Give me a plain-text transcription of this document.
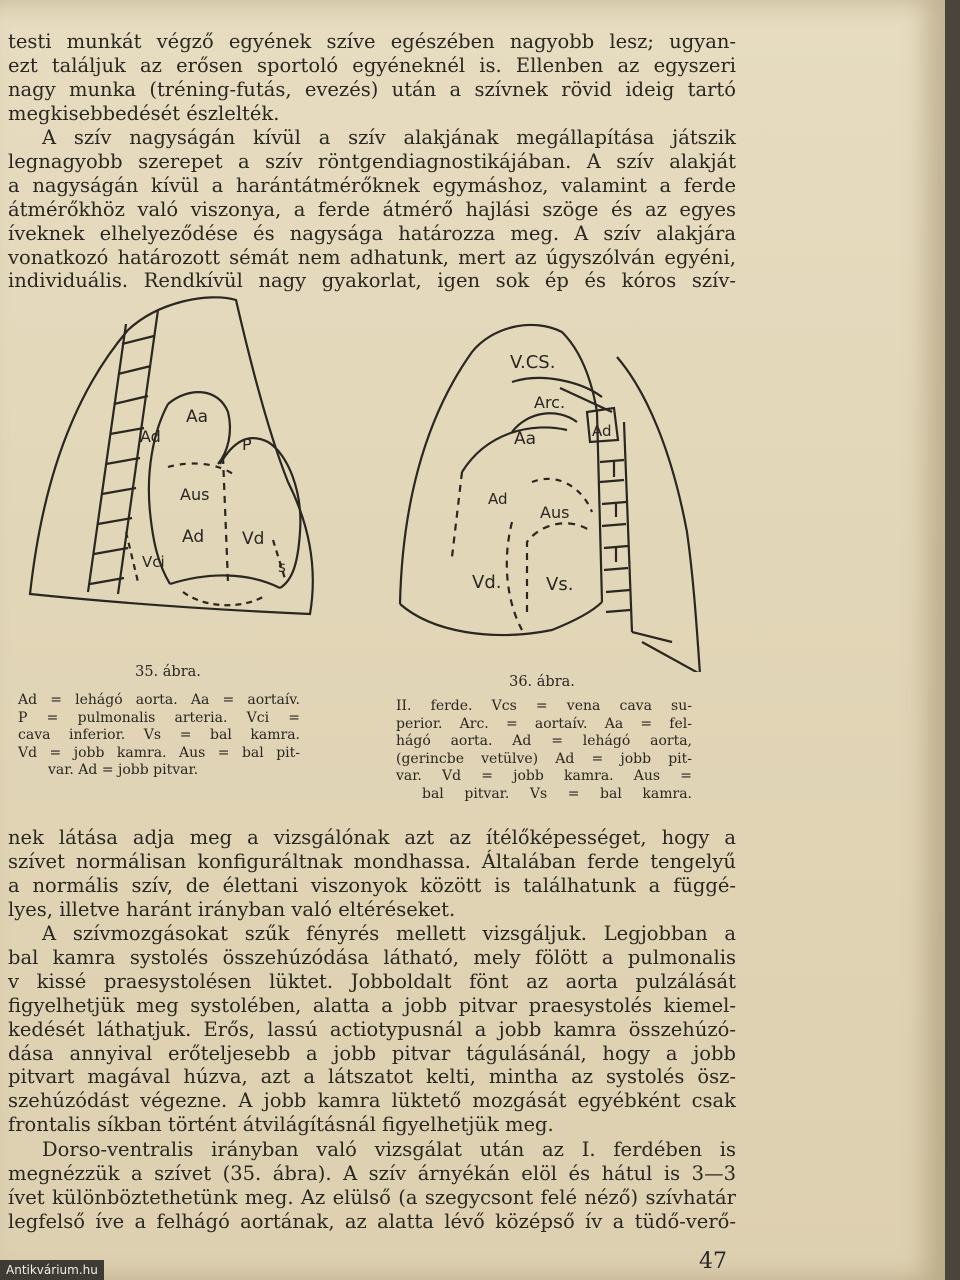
testi munkát végző egyének szíve egészében nagyobb lesz; ugyan-
ezt találjuk az erősen sportoló egyéneknél is. Ellenben az egyszeri
nagy munka (tréning-futás, evezés) után a szívnek rövid ideig tartó
megkisebbedését észlelték.
A szív nagyságán kívül a szív alakjának megállapítása játszik
legnagyobb szerepet a szív röntgendiagnostikájában. A szív alakját
a nagyságán kívül a harántátmérőknek egymáshoz, valamint a ferde
átmérőkhöz való viszonya, a ferde átmérő hajlási szöge és az egyes
íveknek elhelyeződése és nagysága határozza meg. A szív alakjára
vonatkozó határozott sémát nem adhatunk, mert az úgyszólván egyéni,
individuális. Rendkívül nagy gyakorlat, igen sok ép és kóros szív-
Aa
Ad	P
Aus
Ad Vd
Vci	s
35. ábra.
Ad = lehágó aorta. Aa = aortaív.
P = pulmonalis arteria. Vci =
cava inferior. Vs = bal kamra.
Vd = jobb kamra. Aus = bal pit-
var. Ad = jobb pitvar.
V.CS.
Arc.
Ad
Aa
Ad
Aus
Vd. Vs.
36. ábra.
II. ferde. Vcs = vena cava su-
perior. Arc. = aortaív. Aa = fel-
hágó aorta. Ad = lehágó aorta,
(gerincbe vetülve) Ad = jobb pit-
var. Vd = jobb kamra. Aus =
bal pitvar. Vs = bal kamra.
nek látása adja meg a vizsgálónak azt az ítélőképességet, hogy a
szívet normálisan konfiguráltnak mondhassa. Általában ferde tengelyű
a normális szív, de élettani viszonyok között is találhatunk a függé-
lyes, illetve haránt irányban való eltéréseket.
A szívmozgásokat szűk fényrés mellett vizsgáljuk. Legjobban a
bal kamra systolés összehúzódása látható, mely fölött a pulmonalis
v kissé praesystolésen lüktet. Jobboldalt fönt az aorta pulzálását
figyelhetjük meg systolében, alatta a jobb pitvar praesystolés kiemel-
kedését láthatjuk. Erős, lassú actiotypusnál a jobb kamra összehúzó-
dása annyival erőteljesebb a jobb pitvar tágulásánál, hogy a jobb
pitvart magával húzva, azt a látszatot kelti, mintha az systolés ösz-
szehúzódást végezne. A jobb kamra lüktető mozgását egyébként csak
frontalis síkban történt átvilágításnál figyelhetjük meg.
Dorso-ventralis irányban való vizsgálat után az I. ferdében is
megnézzük a szívet (35. ábra). A szív árnyékán elöl és hátul is 3—3
ívet különböztethetünk meg. Az elülső (a szegycsont felé néző) szívhatár
legfelső íve a felhágó aortának, az alatta lévő középső ív a tüdő-verő-
47
Antikvárium.hu
